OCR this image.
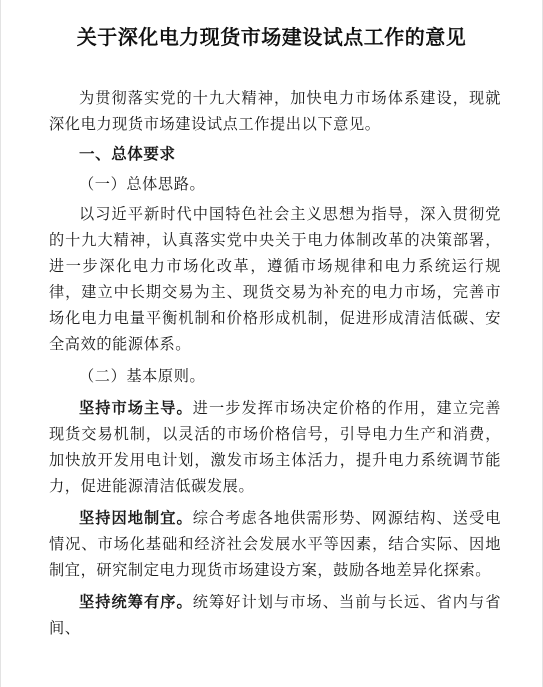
关于深化电力现货市场建设试点工作的意见

为贯彻落实党的十九大精神，加快电力市场体系建设，现就深化电力现货市场建设试点工作提出以下意见。

一、总体要求

（一）总体思路。

以习近平新时代中国特色社会主义思想为指导，深入贯彻党的十九大精神，认真落实党中央关于电力体制改革的决策部署，进一步深化电力市场化改革，遵循市场规律和电力系统运行规律，建立中长期交易为主、现货交易为补充的电力市场，完善市场化电力电量平衡机制和价格形成机制，促进形成清洁低碳、安全高效的能源体系。

（二）基本原则。

坚持市场主导。进一步发挥市场决定价格的作用，建立完善现货交易机制，以灵活的市场价格信号，引导电力生产和消费，加快放开发用电计划，激发市场主体活力，提升电力系统调节能力，促进能源清洁低碳发展。

坚持因地制宜。综合考虑各地供需形势、网源结构、送受电情况、市场化基础和经济社会发展水平等因素，结合实际、因地制宜，研究制定电力现货市场建设方案，鼓励各地差异化探索。

坚持统筹有序。统筹好计划与市场、当前与长远、省内与省间、
